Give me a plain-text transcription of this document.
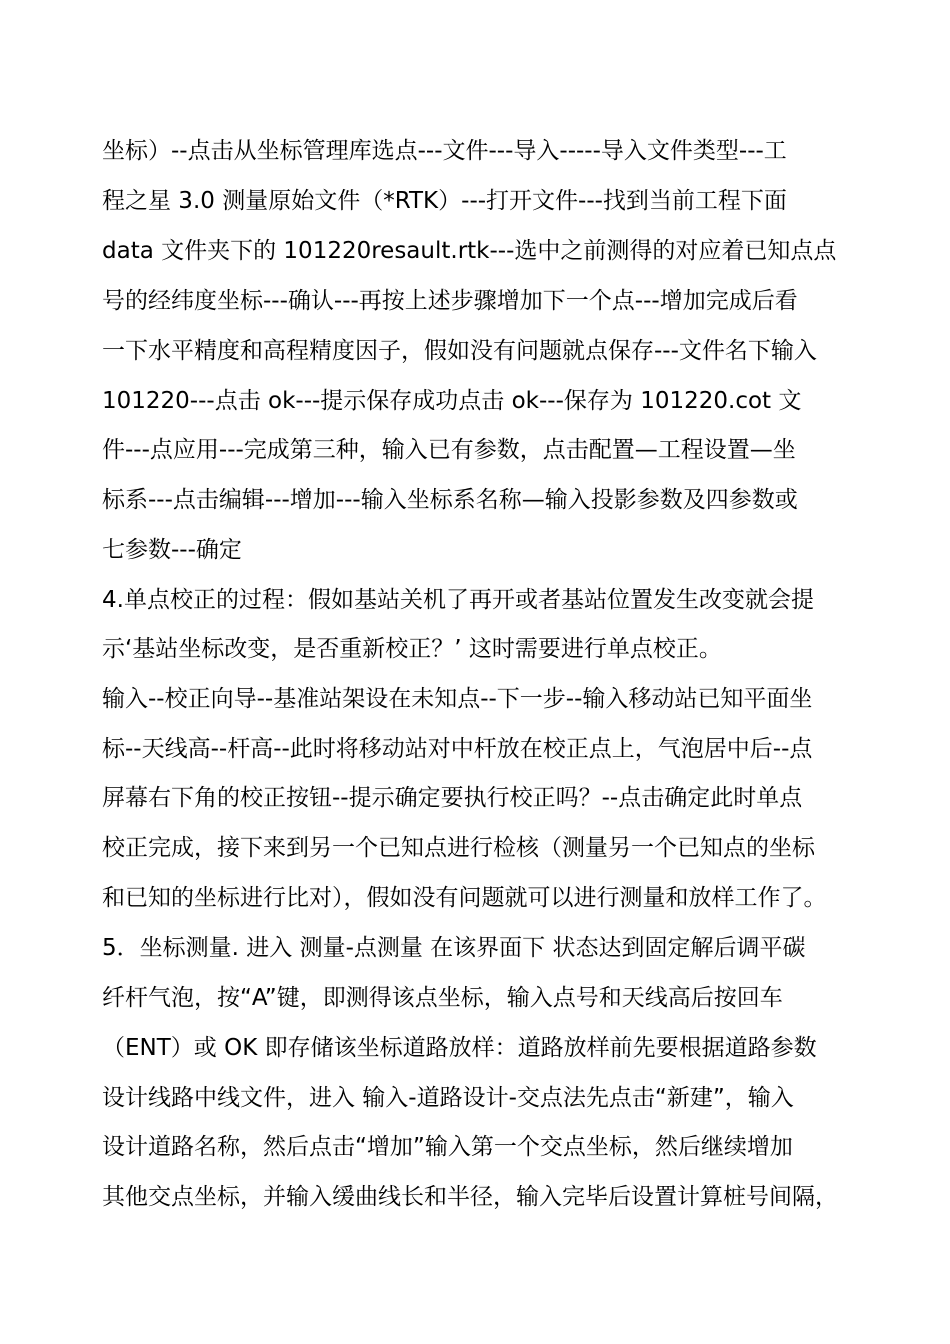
坐标）--点击从坐标管理库选点---文件---导入-----导入文件类型---工
程之星 3.0 测量原始文件（*RTK）---打开文件---找到当前工程下面
data 文件夹下的 101220resault.rtk---选中之前测得的对应着已知点点
号的经纬度坐标---确认---再按上述步骤增加下一个点---增加完成后看
一下水平精度和高程精度因子，假如没有问题就点保存---文件名下输入
101220---点击 ok---提示保存成功点击 ok---保存为 101220.cot 文
件---点应用---完成第三种，输入已有参数，点击配置—工程设置—坐
标系---点击编辑---增加---输入坐标系名称—输入投影参数及四参数或
七参数---确定
4.单点校正的过程：假如基站关机了再开或者基站位置发生改变就会提
示‘基站坐标改变，是否重新校正？’ 这时需要进行单点校正。
输入--校正向导--基准站架设在未知点--下一步--输入移动站已知平面坐
标--天线高--杆高--此时将移动站对中杆放在校正点上，气泡居中后--点
屏幕右下角的校正按钮--提示确定要执行校正吗？--点击确定此时单点
校正完成，接下来到另一个已知点进行检核（测量另一个已知点的坐标
和已知的坐标进行比对），假如没有问题就可以进行测量和放样工作了。
5．坐标测量. 进入 测量-点测量 在该界面下 状态达到固定解后调平碳
纤杆气泡，按“A”键，即测得该点坐标，输入点号和天线高后按回车
（ENT）或 OK 即存储该坐标道路放样：道路放样前先要根据道路参数
设计线路中线文件，进入 输入-道路设计-交点法先点击“新建”，输入
设计道路名称，然后点击“增加”输入第一个交点坐标，然后继续增加
其他交点坐标，并输入缓曲线长和半径，输入完毕后设置计算桩号间隔，
